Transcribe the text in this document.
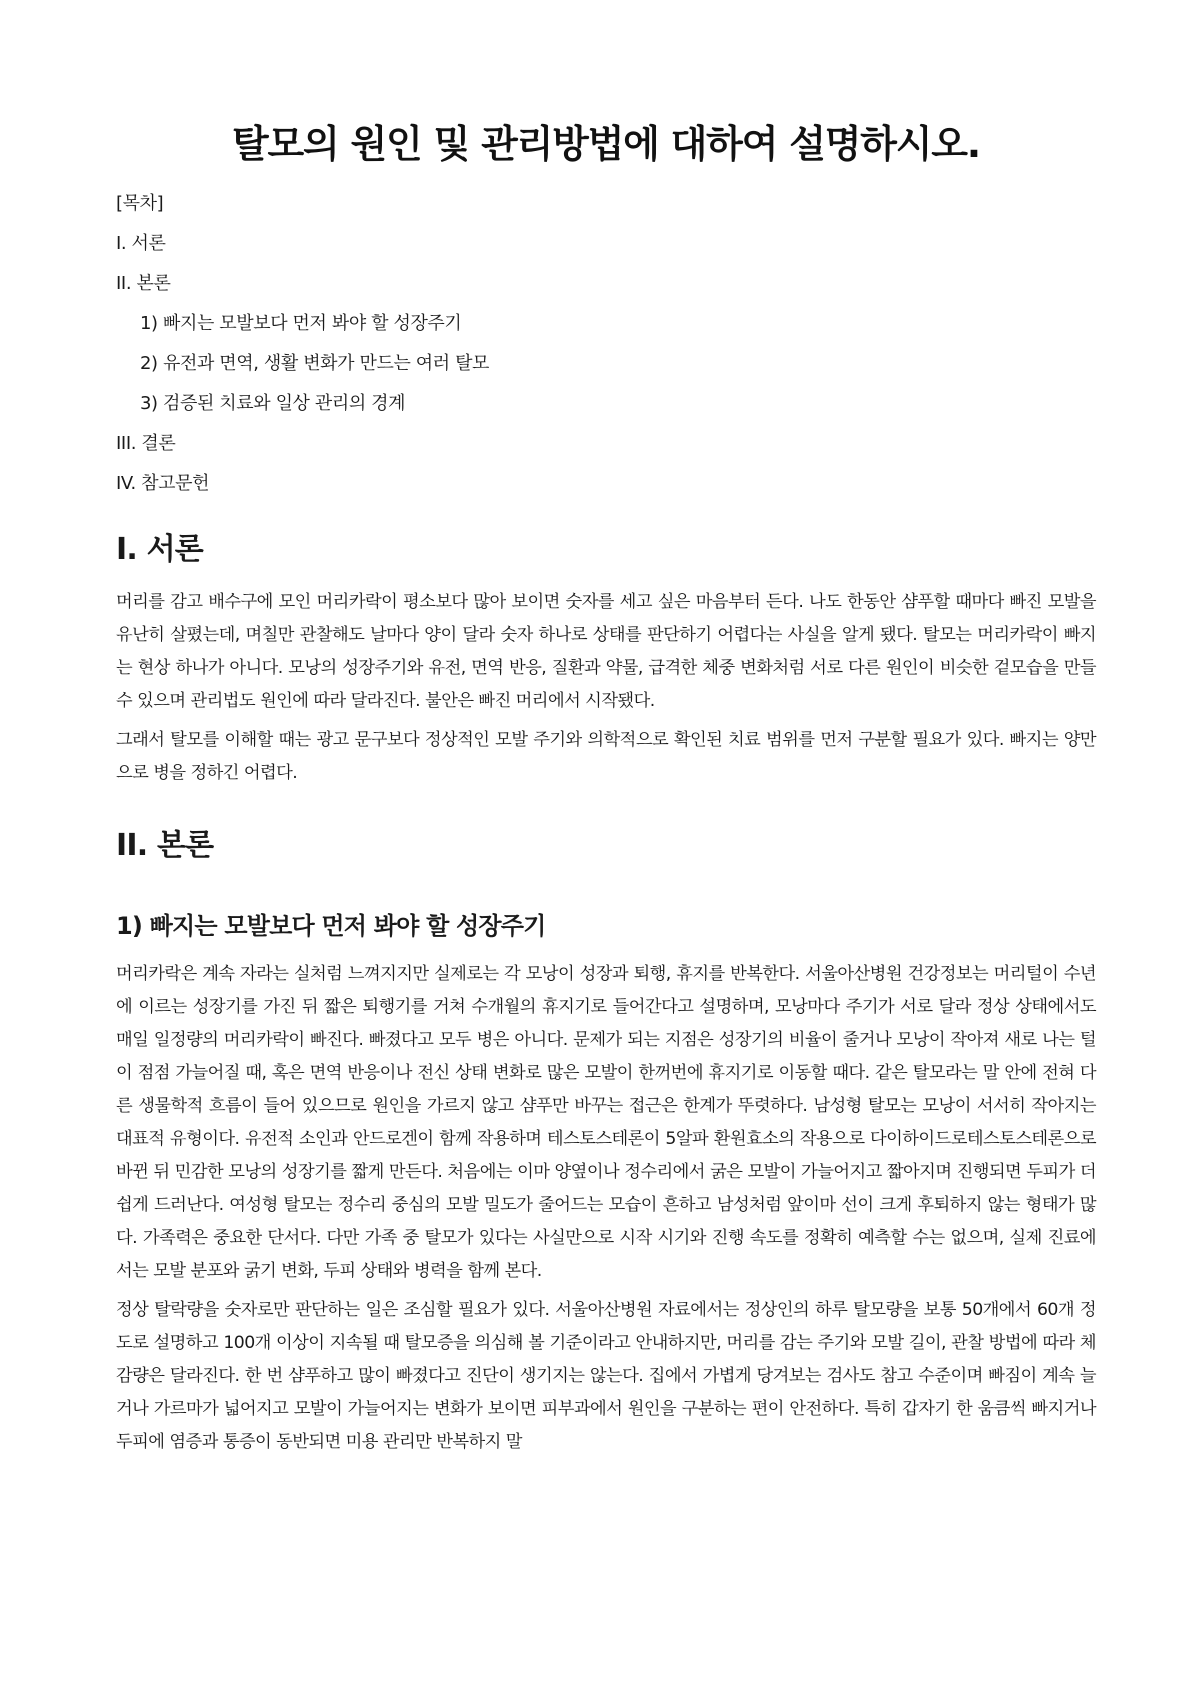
탈모의 원인 및 관리방법에 대하여 설명하시오.
[목차]
I. 서론
II. 본론
1) 빠지는 모발보다 먼저 봐야 할 성장주기
2) 유전과 면역, 생활 변화가 만드는 여러 탈모
3) 검증된 치료와 일상 관리의 경계
III. 결론
IV. 참고문헌
I. 서론

머리를 감고 배수구에 모인 머리카락이 평소보다 많아 보이면 숫자를 세고 싶은 마음부터 든다. 나도 한동안 샴푸할 때마다 빠진 모발을 유난히 살폈는데, 며칠만 관찰해도 날마다 양이 달라 숫자 하나로 상태를 판단하기 어렵다는 사실을 알게 됐다. 탈모는 머리카락이 빠지는 현상 하나가 아니다. 모낭의 성장주기와 유전, 면역 반응, 질환과 약물, 급격한 체중 변화처럼 서로 다른 원인이 비슷한 겉모습을 만들 수 있으며 관리법도 원인에 따라 달라진다. 불안은 빠진 머리에서 시작됐다.

그래서 탈모를 이해할 때는 광고 문구보다 정상적인 모발 주기와 의학적으로 확인된 치료 범위를 먼저 구분할 필요가 있다. 빠지는 양만으로 병을 정하긴 어렵다.

II. 본론
1) 빠지는 모발보다 먼저 봐야 할 성장주기

머리카락은 계속 자라는 실처럼 느껴지지만 실제로는 각 모낭이 성장과 퇴행, 휴지를 반복한다. 서울아산병원 건강정보는 머리털이 수년에 이르는 성장기를 가진 뒤 짧은 퇴행기를 거쳐 수개월의 휴지기로 들어간다고 설명하며, 모낭마다 주기가 서로 달라 정상 상태에서도 매일 일정량의 머리카락이 빠진다. 빠졌다고 모두 병은 아니다. 문제가 되는 지점은 성장기의 비율이 줄거나 모낭이 작아져 새로 나는 털이 점점 가늘어질 때, 혹은 면역 반응이나 전신 상태 변화로 많은 모발이 한꺼번에 휴지기로 이동할 때다. 같은 탈모라는 말 안에 전혀 다른 생물학적 흐름이 들어 있으므로 원인을 가르지 않고 샴푸만 바꾸는 접근은 한계가 뚜렷하다. 남성형 탈모는 모낭이 서서히 작아지는 대표적 유형이다. 유전적 소인과 안드로겐이 함께 작용하며 테스토스테론이 5알파 환원효소의 작용으로 다이하이드로테스토스테론으로 바뀐 뒤 민감한 모낭의 성장기를 짧게 만든다. 처음에는 이마 양옆이나 정수리에서 굵은 모발이 가늘어지고 짧아지며 진행되면 두피가 더 쉽게 드러난다. 여성형 탈모는 정수리 중심의 모발 밀도가 줄어드는 모습이 흔하고 남성처럼 앞이마 선이 크게 후퇴하지 않는 형태가 많다. 가족력은 중요한 단서다. 다만 가족 중 탈모가 있다는 사실만으로 시작 시기와 진행 속도를 정확히 예측할 수는 없으며, 실제 진료에서는 모발 분포와 굵기 변화, 두피 상태와 병력을 함께 본다.

정상 탈락량을 숫자로만 판단하는 일은 조심할 필요가 있다. 서울아산병원 자료에서는 정상인의 하루 탈모량을 보통 50개에서 60개 정도로 설명하고 100개 이상이 지속될 때 탈모증을 의심해 볼 기준이라고 안내하지만, 머리를 감는 주기와 모발 길이, 관찰 방법에 따라 체감량은 달라진다. 한 번 샴푸하고 많이 빠졌다고 진단이 생기지는 않는다. 집에서 가볍게 당겨보는 검사도 참고 수준이며 빠짐이 계속 늘거나 가르마가 넓어지고 모발이 가늘어지는 변화가 보이면 피부과에서 원인을 구분하는 편이 안전하다. 특히 갑자기 한 움큼씩 빠지거나 두피에 염증과 통증이 동반되면 미용 관리만 반복하지 말
